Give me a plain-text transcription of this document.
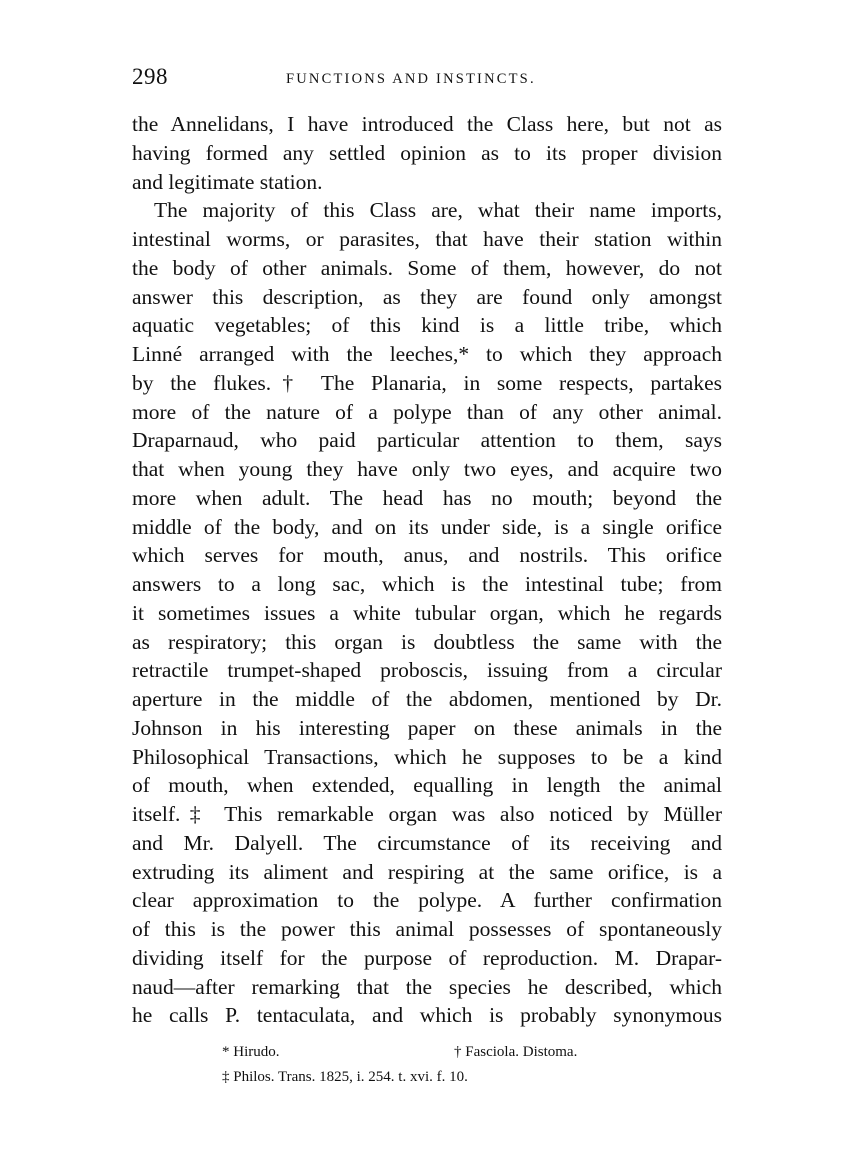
298	FUNCTIONS AND INSTINCTS.
the Annelidans, I have introduced the Class here, but not as
having formed any settled opinion as to its proper division
and legitimate station.
The majority of this Class are, what their name imports,
intestinal worms, or parasites, that have their station within
the body of other animals. Some of them, however, do not
answer this description, as they are found only amongst
aquatic vegetables; of this kind is a little tribe, which
Linné arranged with the leeches,* to which they approach
by the flukes.† The Planaria, in some respects, partakes
more of the nature of a polype than of any other animal.
Draparnaud, who paid particular attention to them, says
that when young they have only two eyes, and acquire two
more when adult. The head has no mouth; beyond the
middle of the body, and on its under side, is a single orifice
which serves for mouth, anus, and nostrils. This orifice
answers to a long sac, which is the intestinal tube; from
it sometimes issues a white tubular organ, which he regards
as respiratory; this organ is doubtless the same with the
retractile trumpet-shaped proboscis, issuing from a circular
aperture in the middle of the abdomen, mentioned by Dr.
Johnson in his interesting paper on these animals in the
Philosophical Transactions, which he supposes to be a kind
of mouth, when extended, equalling in length the animal
itself.‡ This remarkable organ was also noticed by Müller
and Mr. Dalyell. The circumstance of its receiving and
extruding its aliment and respiring at the same orifice, is a
clear approximation to the polype. A further confirmation
of this is the power this animal possesses of spontaneously
dividing itself for the purpose of reproduction. M. Drapar-
naud—after remarking that the species he described, which
he calls P. tentaculata, and which is probably synonymous
* Hirudo.	† Fasciola. Distoma.
‡ Philos. Trans. 1825, i. 254. t. xvi. f. 10.
